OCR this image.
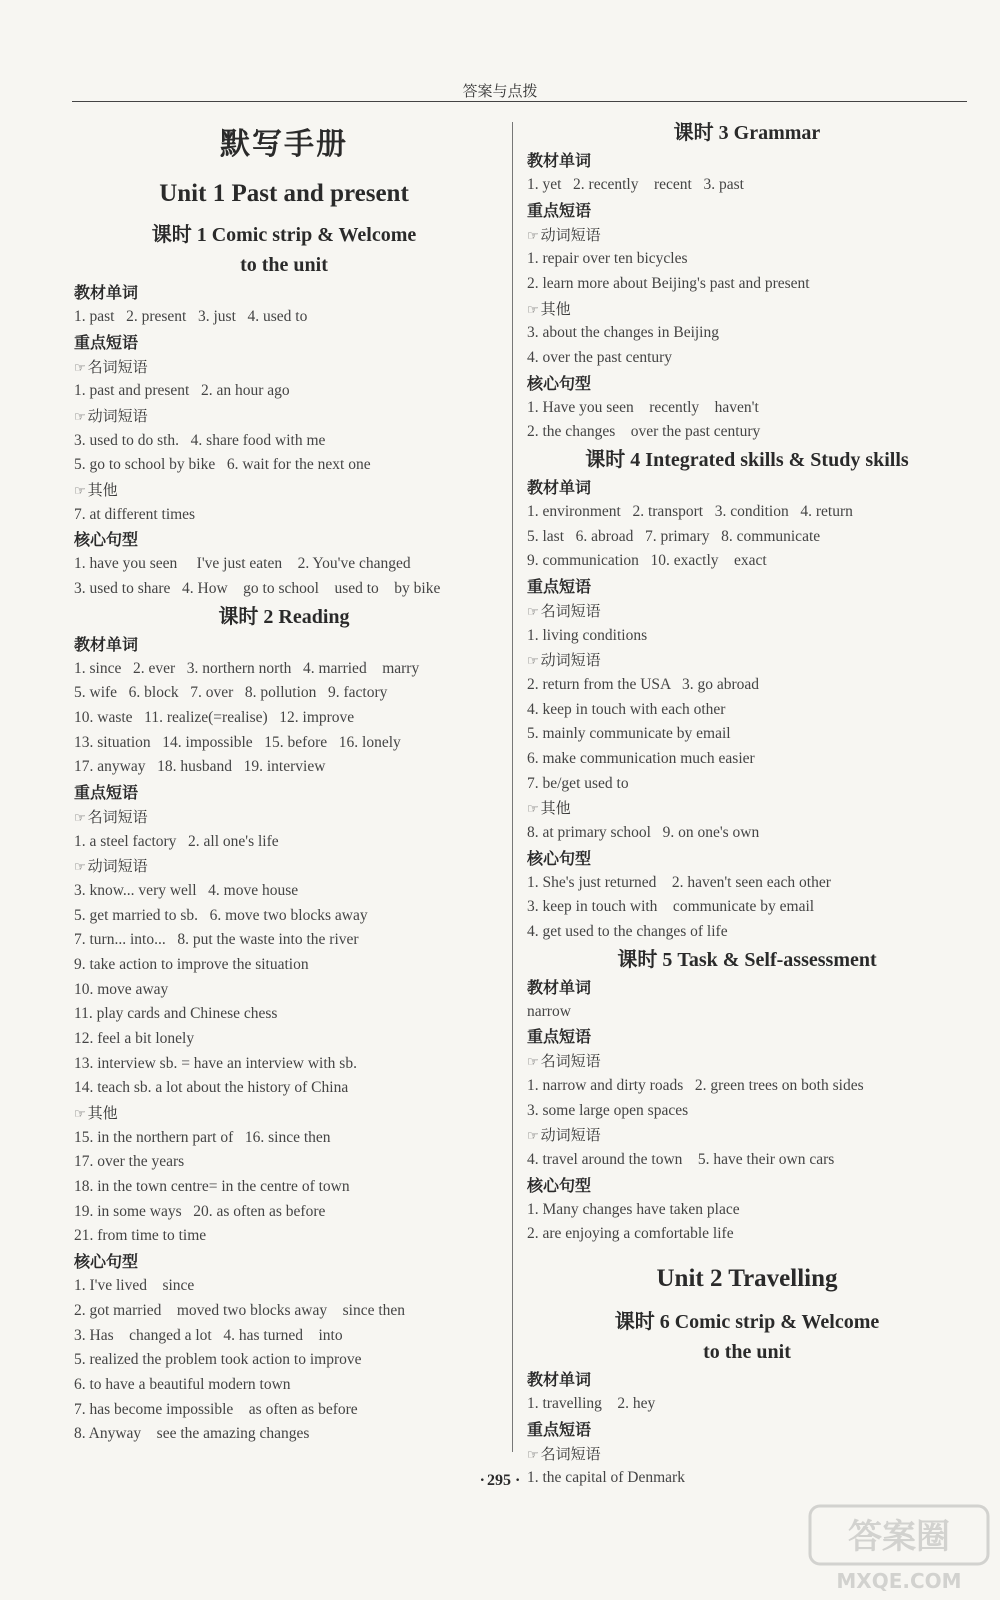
答案与点拨
默写手册
Unit 1 Past and present
课时 1 Comic strip & Welcome
to the unit
教材单词
1. past   2. present   3. just   4. used to
重点短语
☞ 名词短语
1. past and present   2. an hour ago
☞ 动词短语
3. used to do sth.   4. share food with me
5. go to school by bike   6. wait for the next one
☞ 其他
7. at different times
核心句型
1. have you seen     I've just eaten    2. You've changed
3. used to share   4. How    go to school    used to    by bike
课时 2 Reading
教材单词
1. since   2. ever   3. northern north   4. married    marry
5. wife   6. block   7. over   8. pollution   9. factory
10. waste   11. realize(=realise)   12. improve
13. situation   14. impossible   15. before   16. lonely
17. anyway   18. husband   19. interview
重点短语
☞ 名词短语
1. a steel factory   2. all one's life
☞ 动词短语
3. know... very well   4. move house
5. get married to sb.   6. move two blocks away
7. turn... into...   8. put the waste into the river
9. take action to improve the situation
10. move away
11. play cards and Chinese chess
12. feel a bit lonely
13. interview sb. = have an interview with sb.
14. teach sb. a lot about the history of China
☞ 其他
15. in the northern part of   16. since then
17. over the years
18. in the town centre= in the centre of town
19. in some ways   20. as often as before
21. from time to time
核心句型
1. I've lived    since
2. got married    moved two blocks away    since then
3. Has    changed a lot   4. has turned    into
5. realized the problem took action to improve
6. to have a beautiful modern town
7. has become impossible    as often as before
8. Anyway    see the amazing changes
课时 3 Grammar
教材单词
1. yet   2. recently    recent   3. past
重点短语
☞ 动词短语
1. repair over ten bicycles
2. learn more about Beijing's past and present
☞ 其他
3. about the changes in Beijing
4. over the past century
核心句型
1. Have you seen    recently    haven't
2. the changes    over the past century
课时 4 Integrated skills & Study skills
教材单词
1. environment   2. transport   3. condition   4. return
5. last   6. abroad   7. primary   8. communicate
9. communication   10. exactly    exact
重点短语
☞ 名词短语
1. living conditions
☞ 动词短语
2. return from the USA   3. go abroad
4. keep in touch with each other
5. mainly communicate by email
6. make communication much easier
7. be/get used to
☞ 其他
8. at primary school   9. on one's own
核心句型
1. She's just returned    2. haven't seen each other
3. keep in touch with    communicate by email
4. get used to the changes of life
课时 5 Task & Self-assessment
教材单词
narrow
重点短语
☞ 名词短语
1. narrow and dirty roads   2. green trees on both sides
3. some large open spaces
☞ 动词短语
4. travel around the town    5. have their own cars
核心句型
1. Many changes have taken place
2. are enjoying a comfortable life
Unit 2 Travelling
课时 6 Comic strip & Welcome
to the unit
教材单词
1. travelling    2. hey
重点短语
☞ 名词短语
1. the capital of Denmark
· 295 ·
答案圈
MXQE.COM
